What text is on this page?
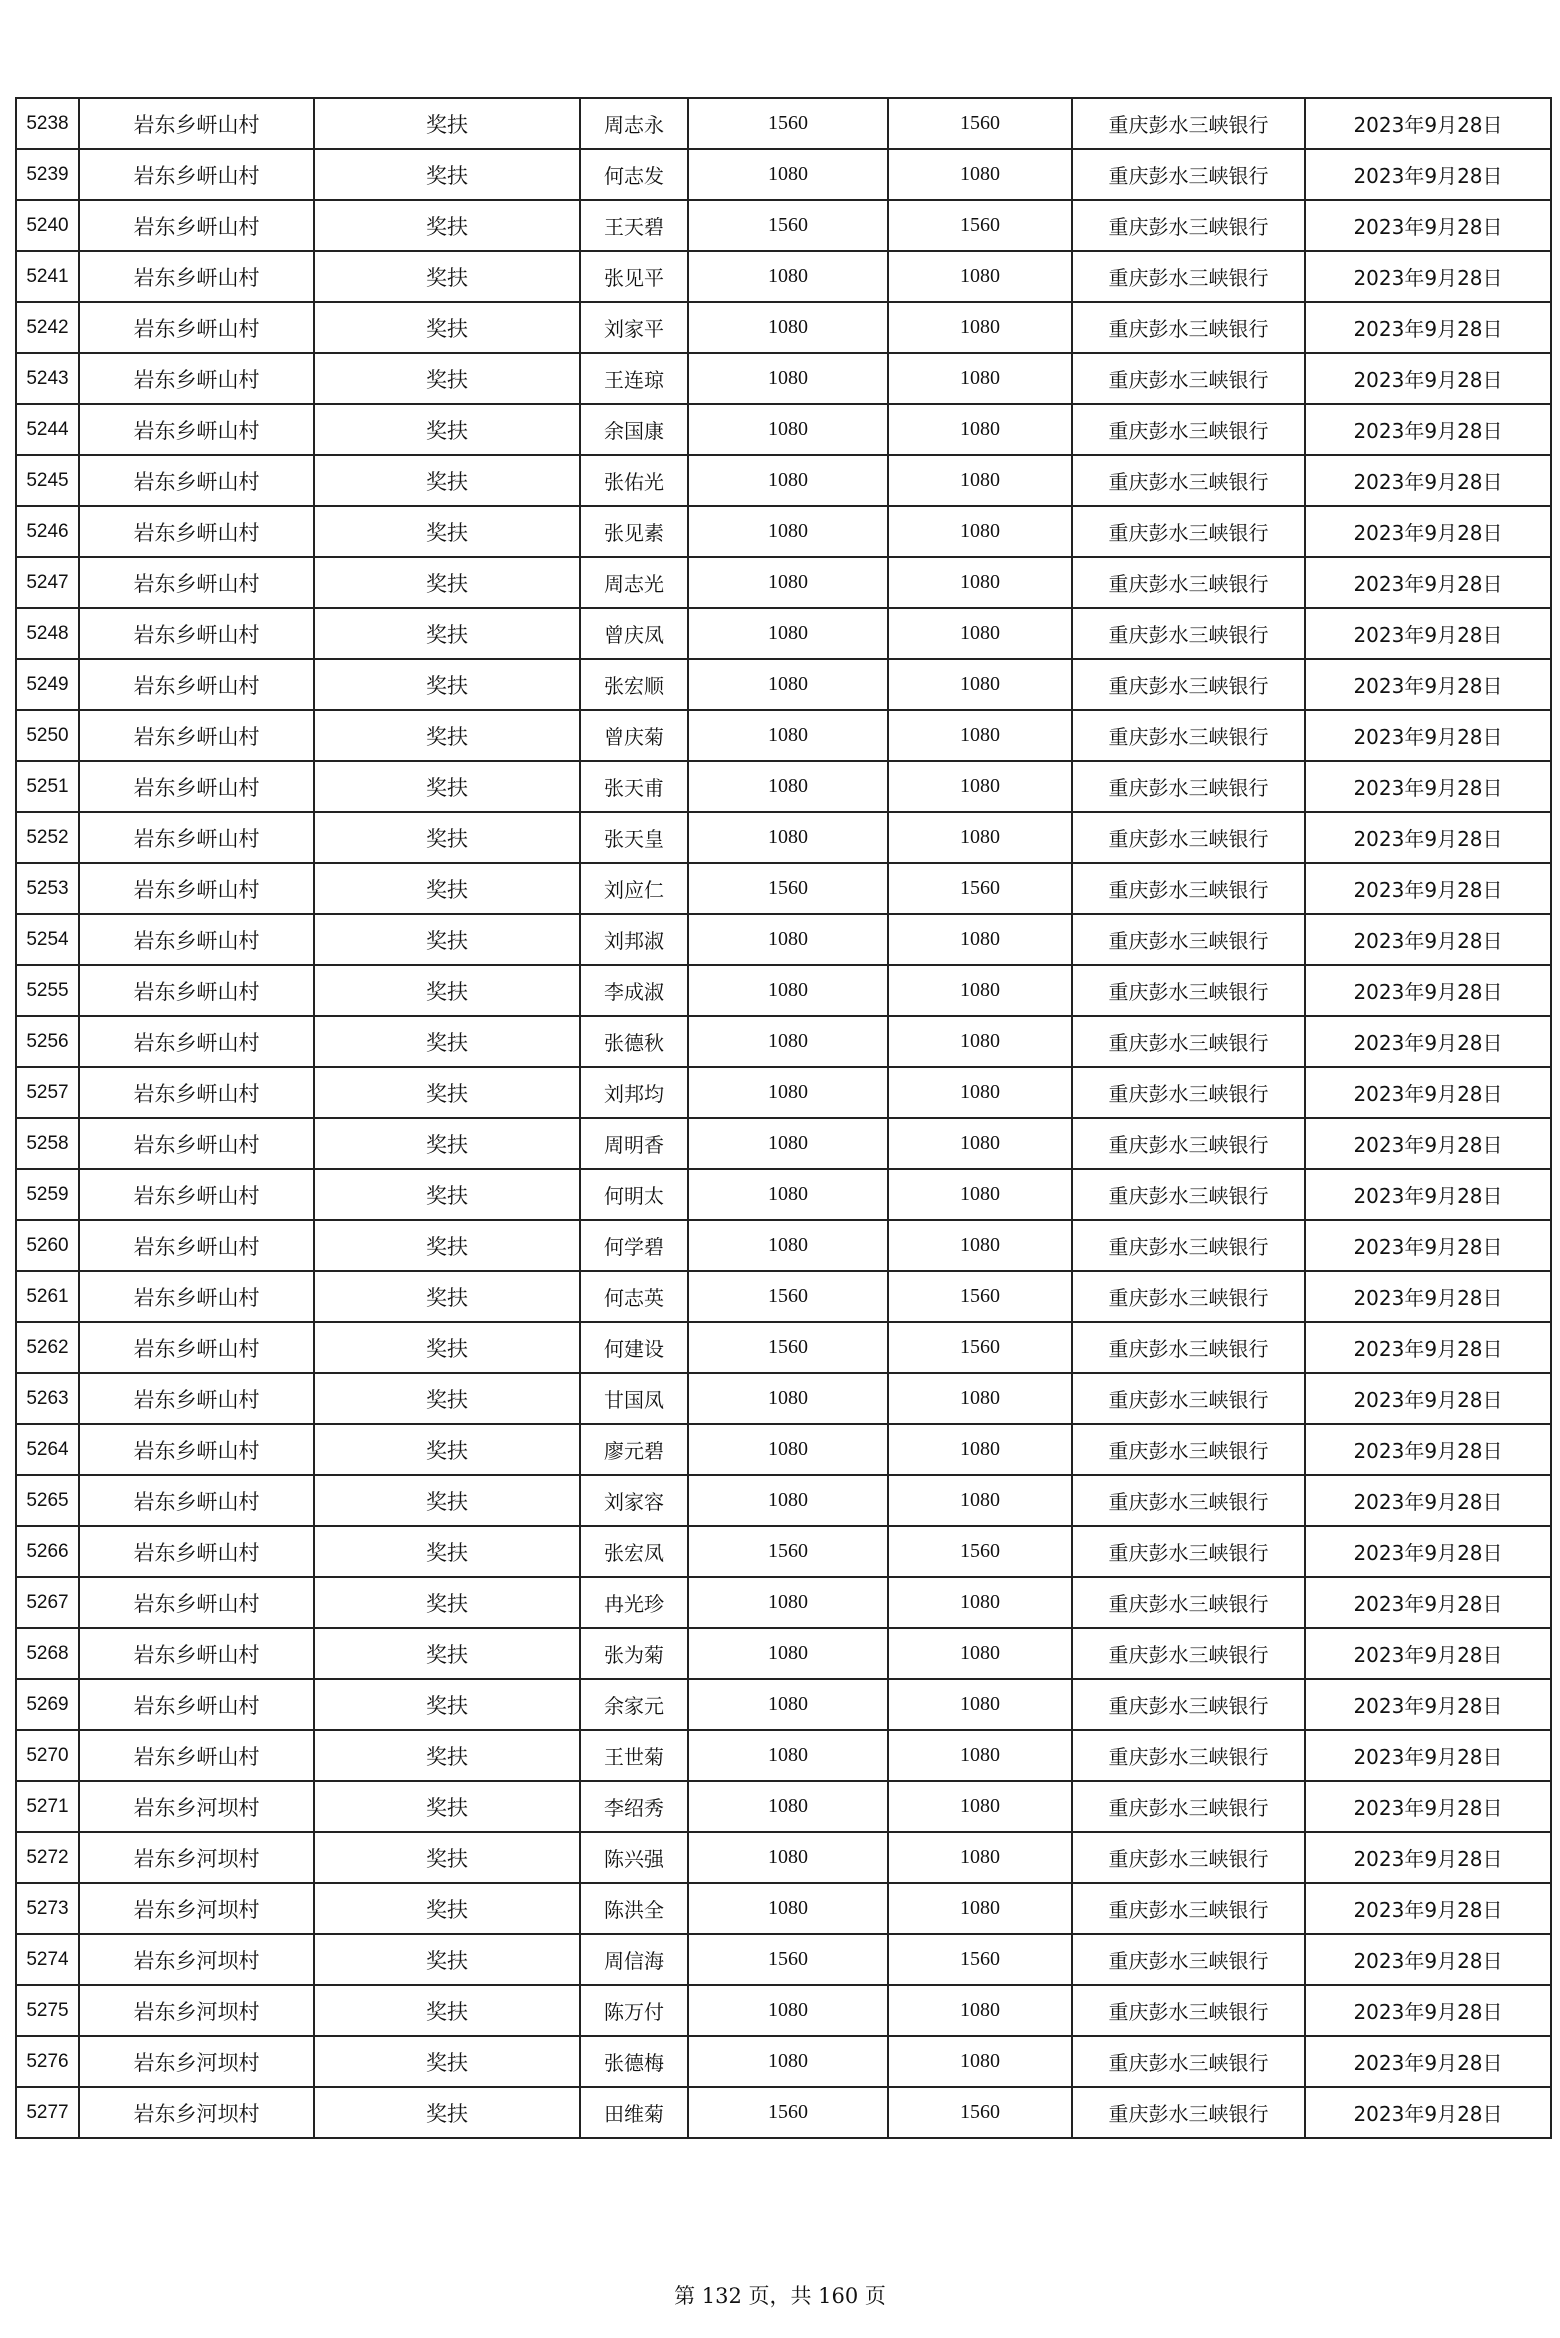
5238	岩东乡岍山村	奖扶	周志永	1560	1560	重庆彭水三峡银行	2023年9月28日
5239	岩东乡岍山村	奖扶	何志发	1080	1080	重庆彭水三峡银行	2023年9月28日
5240	岩东乡岍山村	奖扶	王天碧	1560	1560	重庆彭水三峡银行	2023年9月28日
5241	岩东乡岍山村	奖扶	张见平	1080	1080	重庆彭水三峡银行	2023年9月28日
5242	岩东乡岍山村	奖扶	刘家平	1080	1080	重庆彭水三峡银行	2023年9月28日
5243	岩东乡岍山村	奖扶	王连琼	1080	1080	重庆彭水三峡银行	2023年9月28日
5244	岩东乡岍山村	奖扶	余国康	1080	1080	重庆彭水三峡银行	2023年9月28日
5245	岩东乡岍山村	奖扶	张佑光	1080	1080	重庆彭水三峡银行	2023年9月28日
5246	岩东乡岍山村	奖扶	张见素	1080	1080	重庆彭水三峡银行	2023年9月28日
5247	岩东乡岍山村	奖扶	周志光	1080	1080	重庆彭水三峡银行	2023年9月28日
5248	岩东乡岍山村	奖扶	曾庆凤	1080	1080	重庆彭水三峡银行	2023年9月28日
5249	岩东乡岍山村	奖扶	张宏顺	1080	1080	重庆彭水三峡银行	2023年9月28日
5250	岩东乡岍山村	奖扶	曾庆菊	1080	1080	重庆彭水三峡银行	2023年9月28日
5251	岩东乡岍山村	奖扶	张天甫	1080	1080	重庆彭水三峡银行	2023年9月28日
5252	岩东乡岍山村	奖扶	张天皇	1080	1080	重庆彭水三峡银行	2023年9月28日
5253	岩东乡岍山村	奖扶	刘应仁	1560	1560	重庆彭水三峡银行	2023年9月28日
5254	岩东乡岍山村	奖扶	刘邦淑	1080	1080	重庆彭水三峡银行	2023年9月28日
5255	岩东乡岍山村	奖扶	李成淑	1080	1080	重庆彭水三峡银行	2023年9月28日
5256	岩东乡岍山村	奖扶	张德秋	1080	1080	重庆彭水三峡银行	2023年9月28日
5257	岩东乡岍山村	奖扶	刘邦均	1080	1080	重庆彭水三峡银行	2023年9月28日
5258	岩东乡岍山村	奖扶	周明香	1080	1080	重庆彭水三峡银行	2023年9月28日
5259	岩东乡岍山村	奖扶	何明太	1080	1080	重庆彭水三峡银行	2023年9月28日
5260	岩东乡岍山村	奖扶	何学碧	1080	1080	重庆彭水三峡银行	2023年9月28日
5261	岩东乡岍山村	奖扶	何志英	1560	1560	重庆彭水三峡银行	2023年9月28日
5262	岩东乡岍山村	奖扶	何建设	1560	1560	重庆彭水三峡银行	2023年9月28日
5263	岩东乡岍山村	奖扶	甘国凤	1080	1080	重庆彭水三峡银行	2023年9月28日
5264	岩东乡岍山村	奖扶	廖元碧	1080	1080	重庆彭水三峡银行	2023年9月28日
5265	岩东乡岍山村	奖扶	刘家容	1080	1080	重庆彭水三峡银行	2023年9月28日
5266	岩东乡岍山村	奖扶	张宏凤	1560	1560	重庆彭水三峡银行	2023年9月28日
5267	岩东乡岍山村	奖扶	冉光珍	1080	1080	重庆彭水三峡银行	2023年9月28日
5268	岩东乡岍山村	奖扶	张为菊	1080	1080	重庆彭水三峡银行	2023年9月28日
5269	岩东乡岍山村	奖扶	余家元	1080	1080	重庆彭水三峡银行	2023年9月28日
5270	岩东乡岍山村	奖扶	王世菊	1080	1080	重庆彭水三峡银行	2023年9月28日
5271	岩东乡河坝村	奖扶	李绍秀	1080	1080	重庆彭水三峡银行	2023年9月28日
5272	岩东乡河坝村	奖扶	陈兴强	1080	1080	重庆彭水三峡银行	2023年9月28日
5273	岩东乡河坝村	奖扶	陈洪全	1080	1080	重庆彭水三峡银行	2023年9月28日
5274	岩东乡河坝村	奖扶	周信海	1560	1560	重庆彭水三峡银行	2023年9月28日
5275	岩东乡河坝村	奖扶	陈万付	1080	1080	重庆彭水三峡银行	2023年9月28日
5276	岩东乡河坝村	奖扶	张德梅	1080	1080	重庆彭水三峡银行	2023年9月28日
5277	岩东乡河坝村	奖扶	田维菊	1560	1560	重庆彭水三峡银行	2023年9月28日
第 132 页，共 160 页
